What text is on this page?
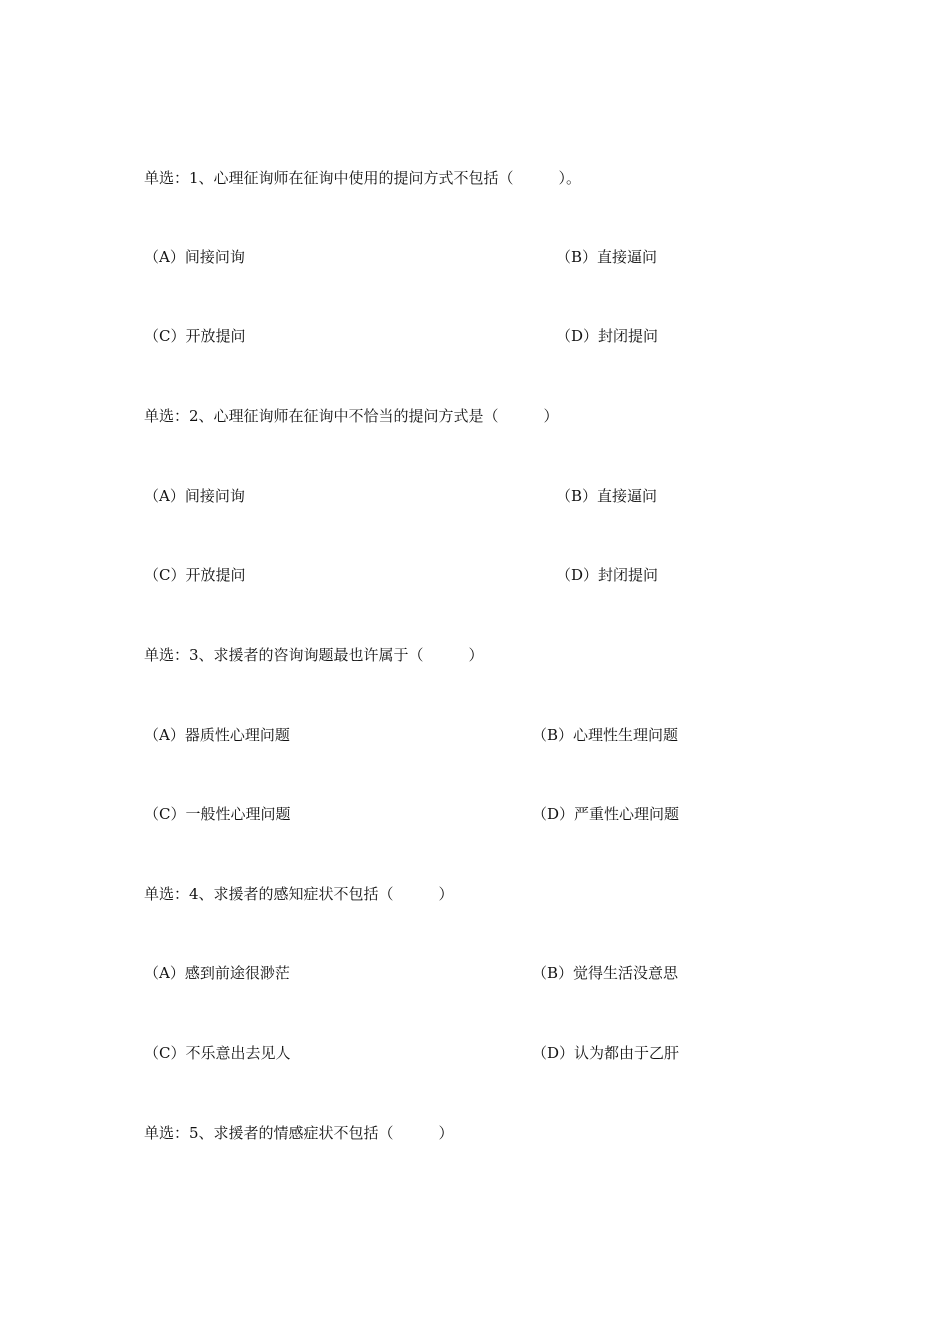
单选：1、心理征询师在征询中使用的提问方式不包括（　　　）。
（A）间接问询	（B）直接逼问
（C）开放提问	（D）封闭提问
单选：2、心理征询师在征询中不恰当的提问方式是（　　　）
（A）间接问询	（B）直接逼问
（C）开放提问	（D）封闭提问
单选：3、求援者的咨询询题最也许属于（　　　）
（A）器质性心理问题	（B）心理性生理问题
（C）一般性心理问题	（D）严重性心理问题
单选：4、求援者的感知症状不包括（　　　）
（A）感到前途很渺茫	（B）觉得生活没意思
（C）不乐意出去见人	（D）认为都由于乙肝
单选：5、求援者的情感症状不包括（　　　）
